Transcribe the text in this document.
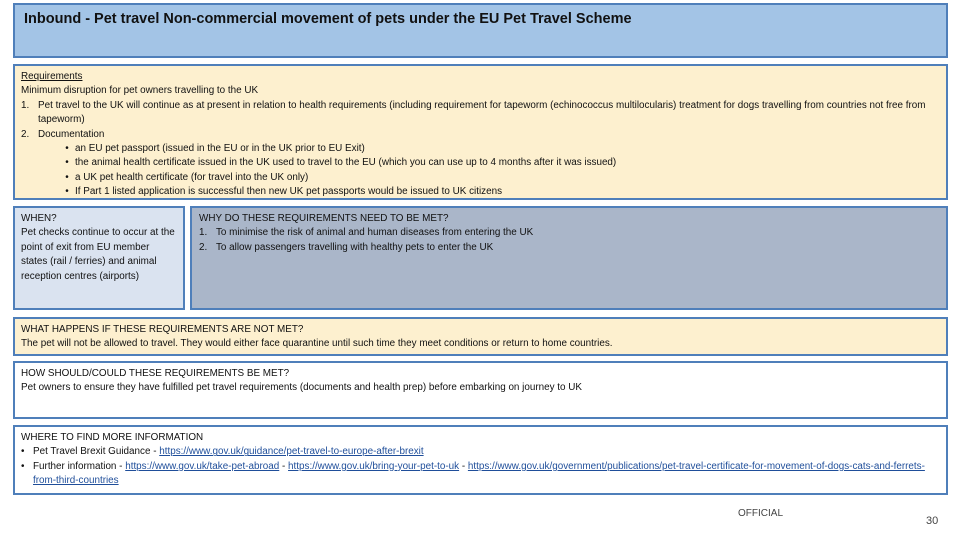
Inbound - Pet travel Non-commercial movement of pets under the EU Pet Travel Scheme
Requirements
Minimum disruption for pet owners travelling to the UK
1. Pet travel to the UK will continue as at present in relation to health requirements (including requirement for tapeworm (echinococcus multilocularis) treatment for dogs travelling from countries not free from tapeworm)
2. Documentation
• an EU pet passport (issued in the EU or in the UK prior to EU Exit)
• the animal health certificate issued in the UK used to travel to the EU (which you can use up to 4 months after it was issued)
• a UK pet health certificate (for travel into the UK only)
• If Part 1 listed application is successful then new UK pet passports would be issued to UK citizens
WHEN?
Pet checks continue to occur at the point of exit from EU member states (rail / ferries) and animal reception centres (airports)
WHY DO THESE REQUIREMENTS NEED TO BE MET?
1. To minimise the risk of animal and human diseases from entering the UK
2. To allow passengers travelling with healthy pets to enter the UK
WHAT HAPPENS IF THESE REQUIREMENTS ARE NOT MET?
The pet will not be allowed to travel. They would either face quarantine until such time they meet conditions or return to home countries.
HOW SHOULD/COULD THESE REQUIREMENTS BE MET?
Pet owners to ensure they have fulfilled pet travel requirements (documents and health prep) before embarking on journey to UK
WHERE TO FIND MORE INFORMATION
• Pet Travel Brexit Guidance - https://www.gov.uk/guidance/pet-travel-to-europe-after-brexit
• Further information - https://www.gov.uk/take-pet-abroad - https://www.gov.uk/bring-your-pet-to-uk - https://www.gov.uk/government/publications/pet-travel-certificate-for-movement-of-dogs-cats-and-ferrets-from-third-countries
OFFICIAL
30
